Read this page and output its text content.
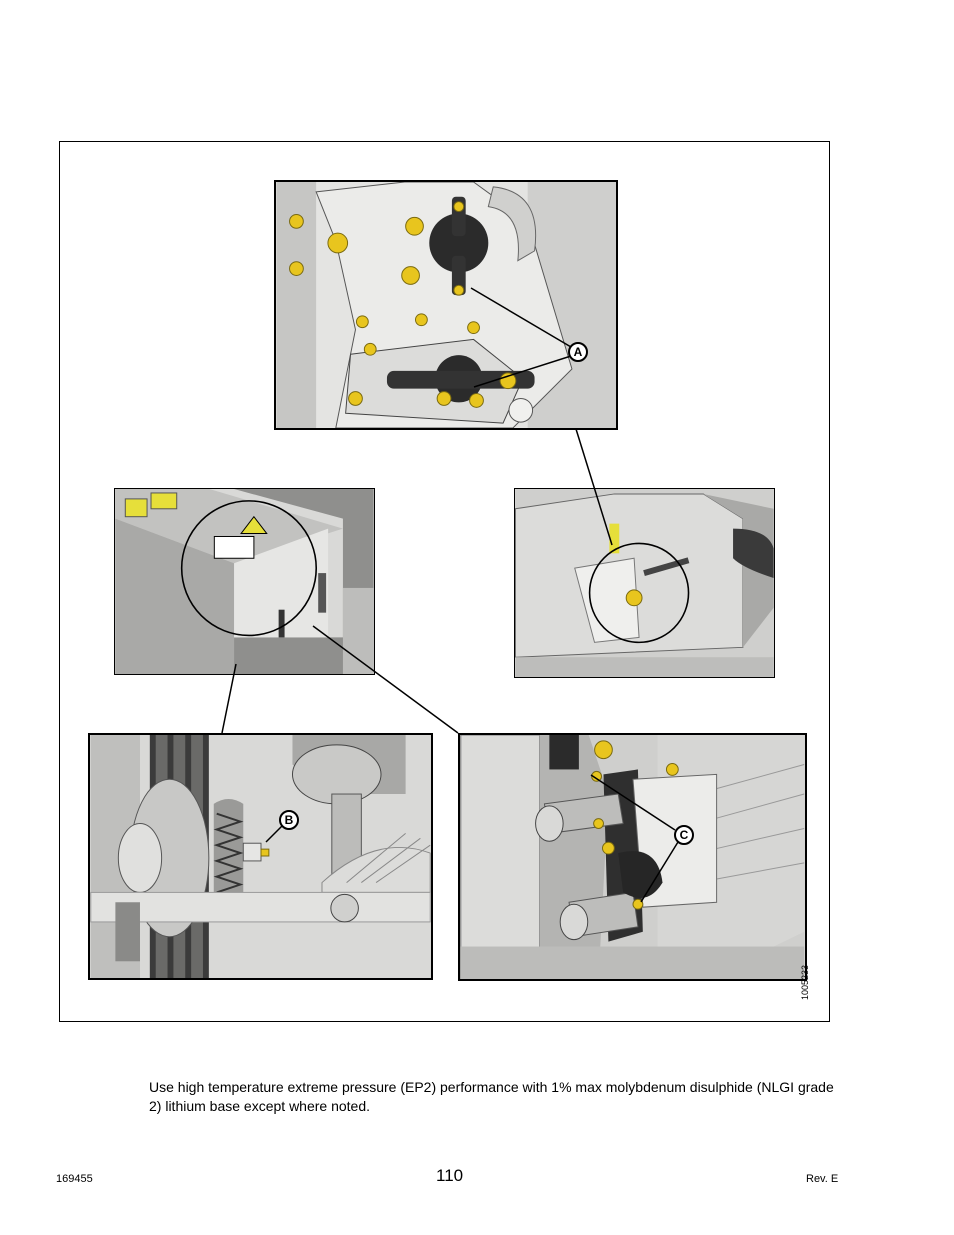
A
B
C
1005233
Use high temperature extreme pressure (EP2) performance with 1% max molybdenum disulphide (NLGI grade 2) lithium base except where noted.
169455	110	Rev. E
